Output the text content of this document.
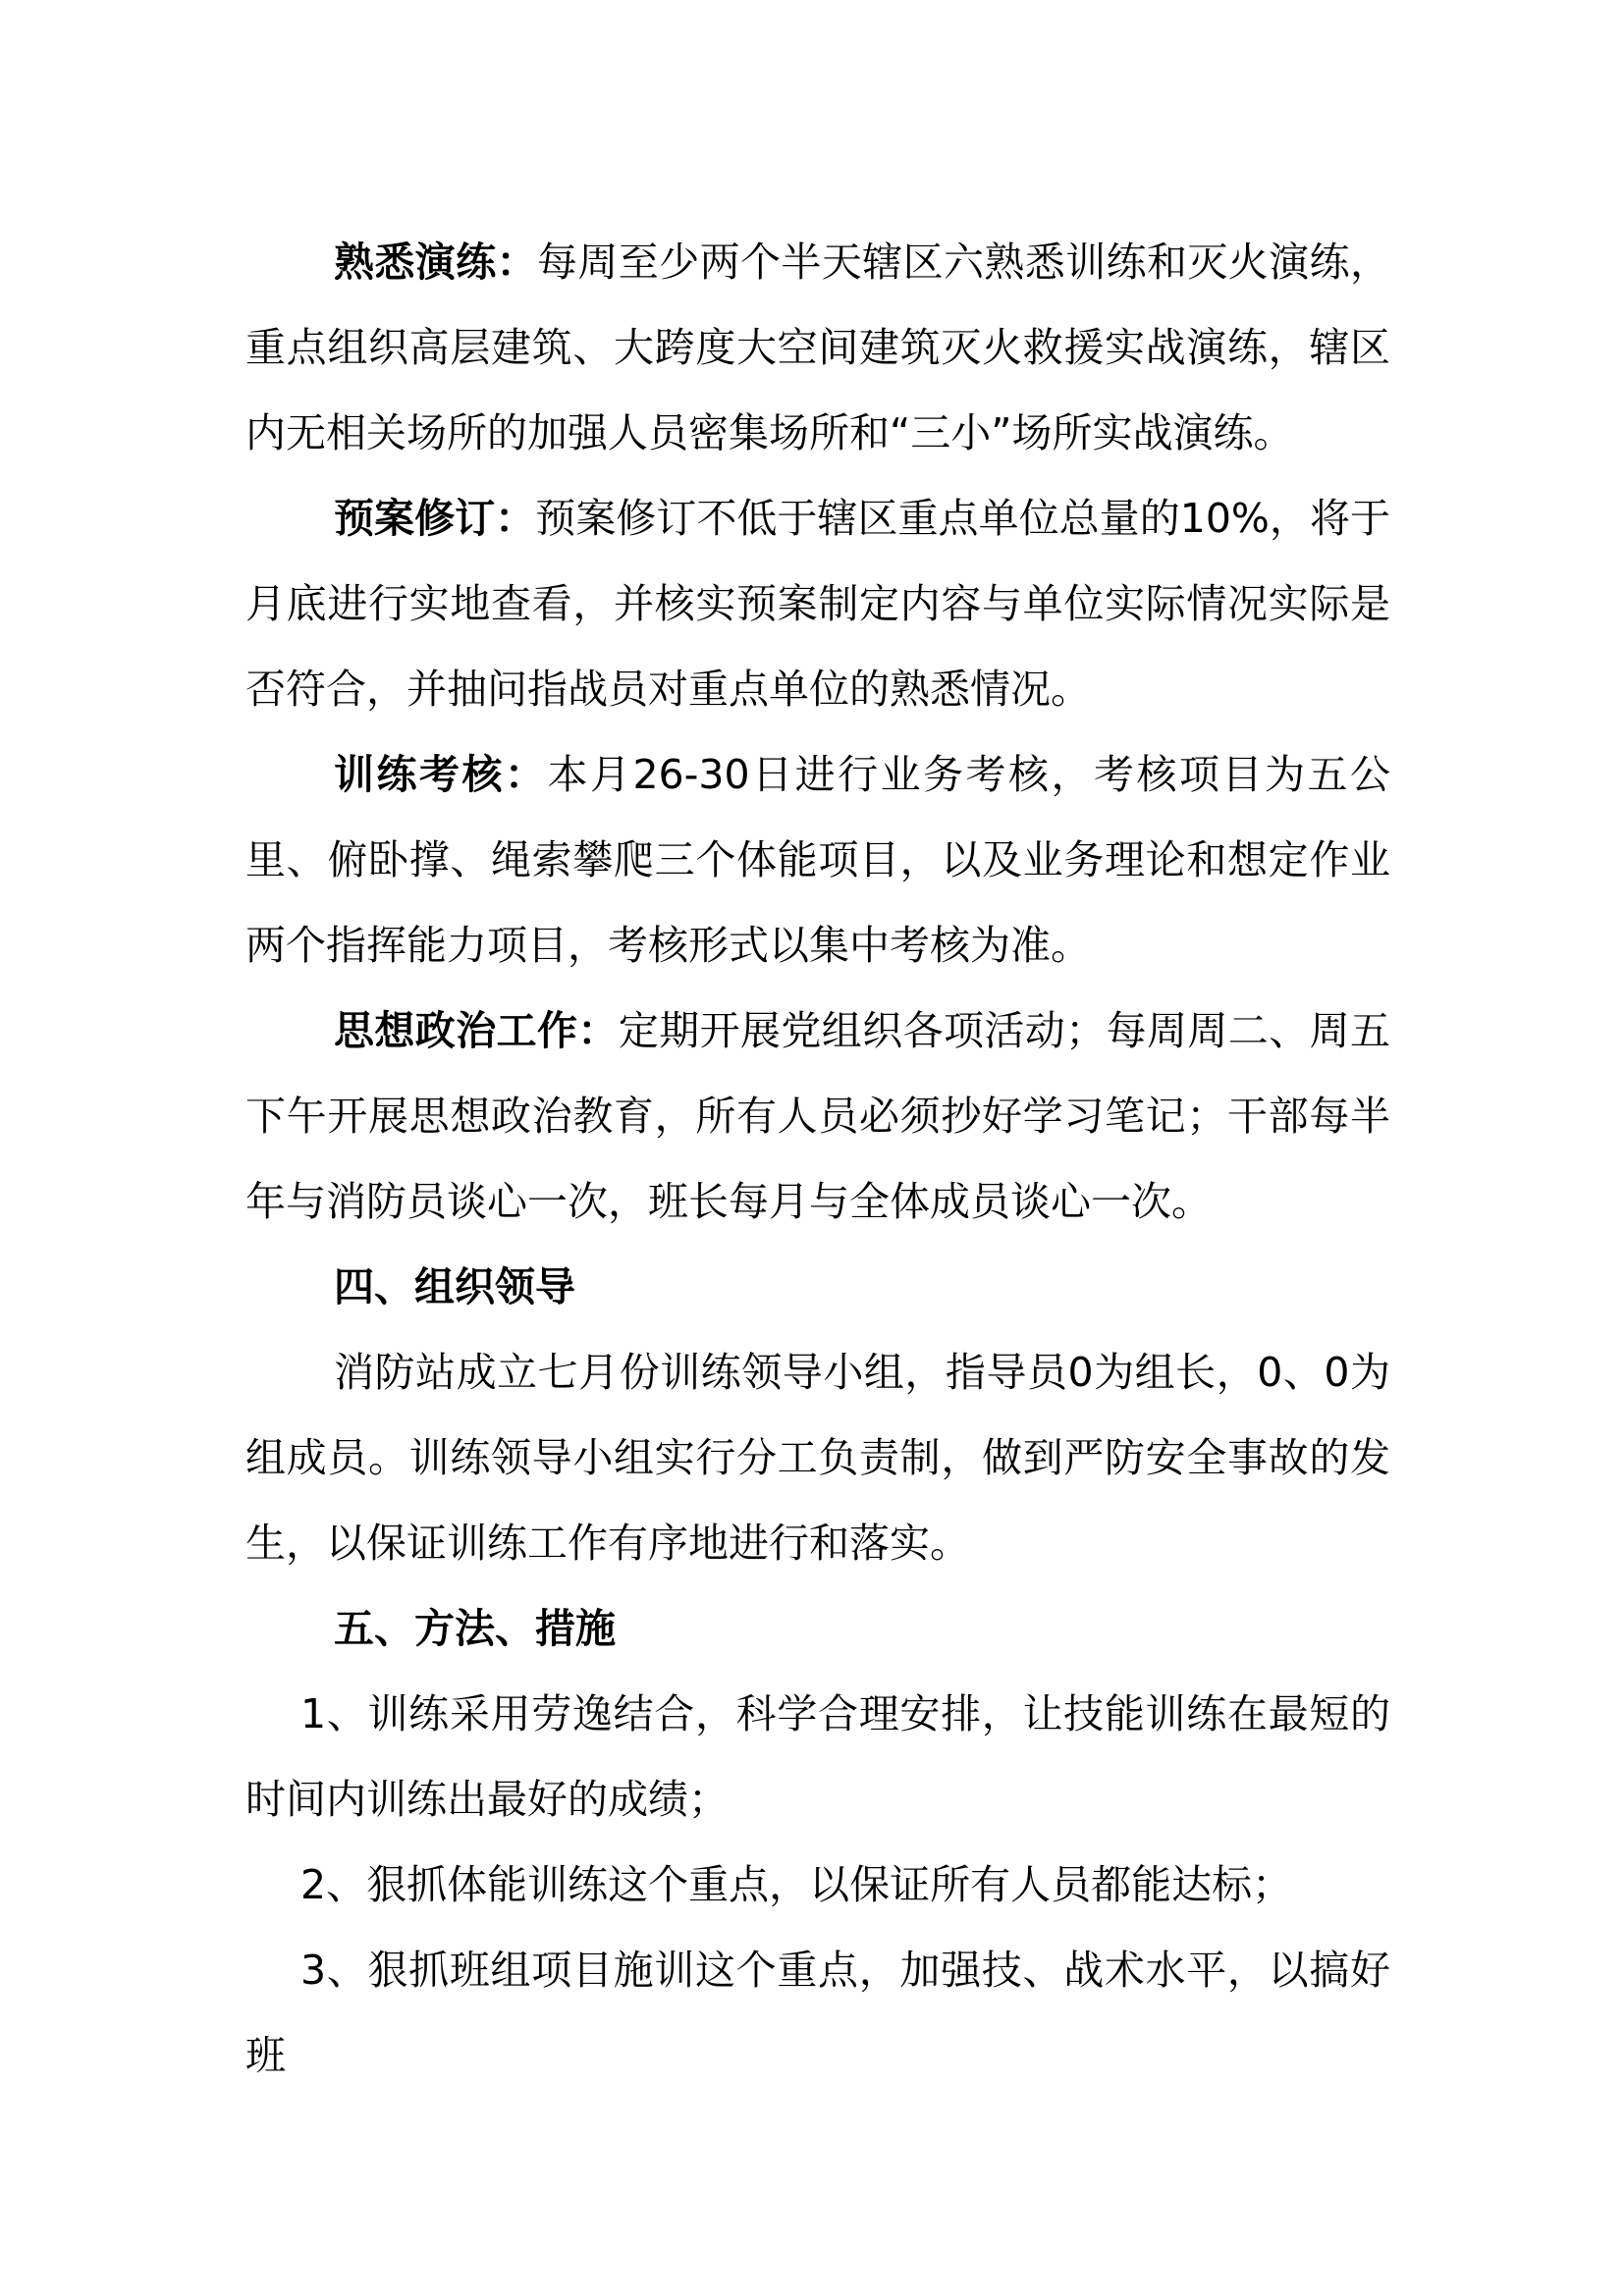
熟悉演练：每周至少两个半天辖区六熟悉训练和灭火演练，重点组织高层建筑、大跨度大空间建筑灭火救援实战演练，辖区内无相关场所的加强人员密集场所和“三小”场所实战演练。

预案修订：预案修订不低于辖区重点单位总量的10%，将于月底进行实地查看，并核实预案制定内容与单位实际情况实际是否符合，并抽问指战员对重点单位的熟悉情况。

训练考核：本月26-30日进行业务考核，考核项目为五公里、俯卧撑、绳索攀爬三个体能项目，以及业务理论和想定作业两个指挥能力项目，考核形式以集中考核为准。

思想政治工作：定期开展党组织各项活动；每周周二、周五下午开展思想政治教育，所有人员必须抄好学习笔记；干部每半年与消防员谈心一次，班长每月与全体成员谈心一次。

四、组织领导

消防站成立七月份训练领导小组，指导员0为组长，0、0为组成员。训练领导小组实行分工负责制，做到严防安全事故的发生，以保证训练工作有序地进行和落实。

五、方法、措施

1、训练采用劳逸结合，科学合理安排，让技能训练在最短的时间内训练出最好的成绩；

2、狠抓体能训练这个重点，以保证所有人员都能达标；

3、狠抓班组项目施训这个重点，加强技、战术水平，以搞好班
